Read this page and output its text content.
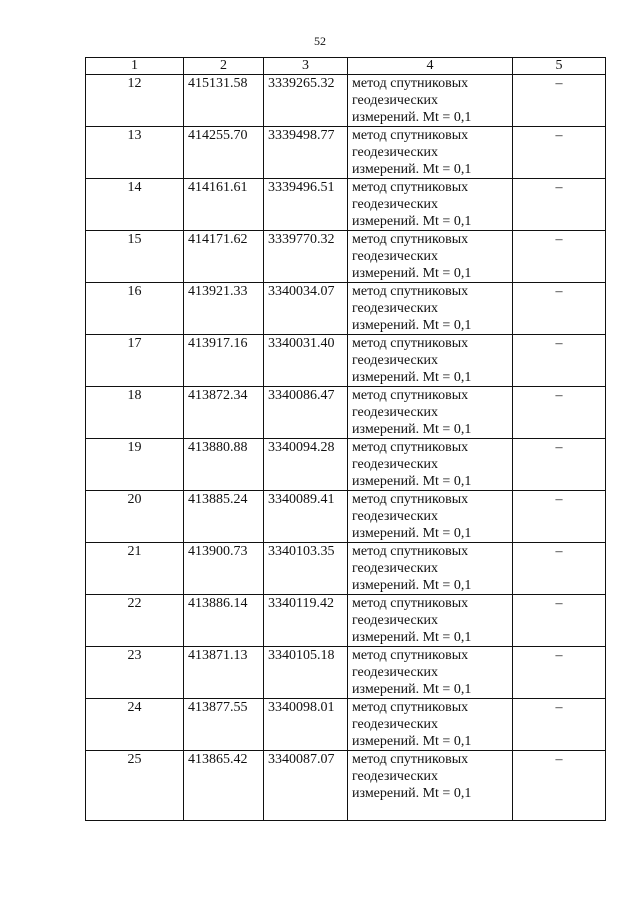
52
1	2	3	4	5
12	415131.58	3339265.32	метод спутниковых геодезических измерений. Mt = 0,1	–
13	414255.70	3339498.77	метод спутниковых геодезических измерений. Mt = 0,1	–
14	414161.61	3339496.51	метод спутниковых геодезических измерений. Mt = 0,1	–
15	414171.62	3339770.32	метод спутниковых геодезических измерений. Mt = 0,1	–
16	413921.33	3340034.07	метод спутниковых геодезических измерений. Mt = 0,1	–
17	413917.16	3340031.40	метод спутниковых геодезических измерений. Mt = 0,1	–
18	413872.34	3340086.47	метод спутниковых геодезических измерений. Mt = 0,1	–
19	413880.88	3340094.28	метод спутниковых геодезических измерений. Mt = 0,1	–
20	413885.24	3340089.41	метод спутниковых геодезических измерений. Mt = 0,1	–
21	413900.73	3340103.35	метод спутниковых геодезических измерений. Mt = 0,1	–
22	413886.14	3340119.42	метод спутниковых геодезических измерений. Mt = 0,1	–
23	413871.13	3340105.18	метод спутниковых геодезических измерений. Mt = 0,1	–
24	413877.55	3340098.01	метод спутниковых геодезических измерений. Mt = 0,1	–
25	413865.42	3340087.07	метод спутниковых геодезических измерений. Mt = 0,1	–
